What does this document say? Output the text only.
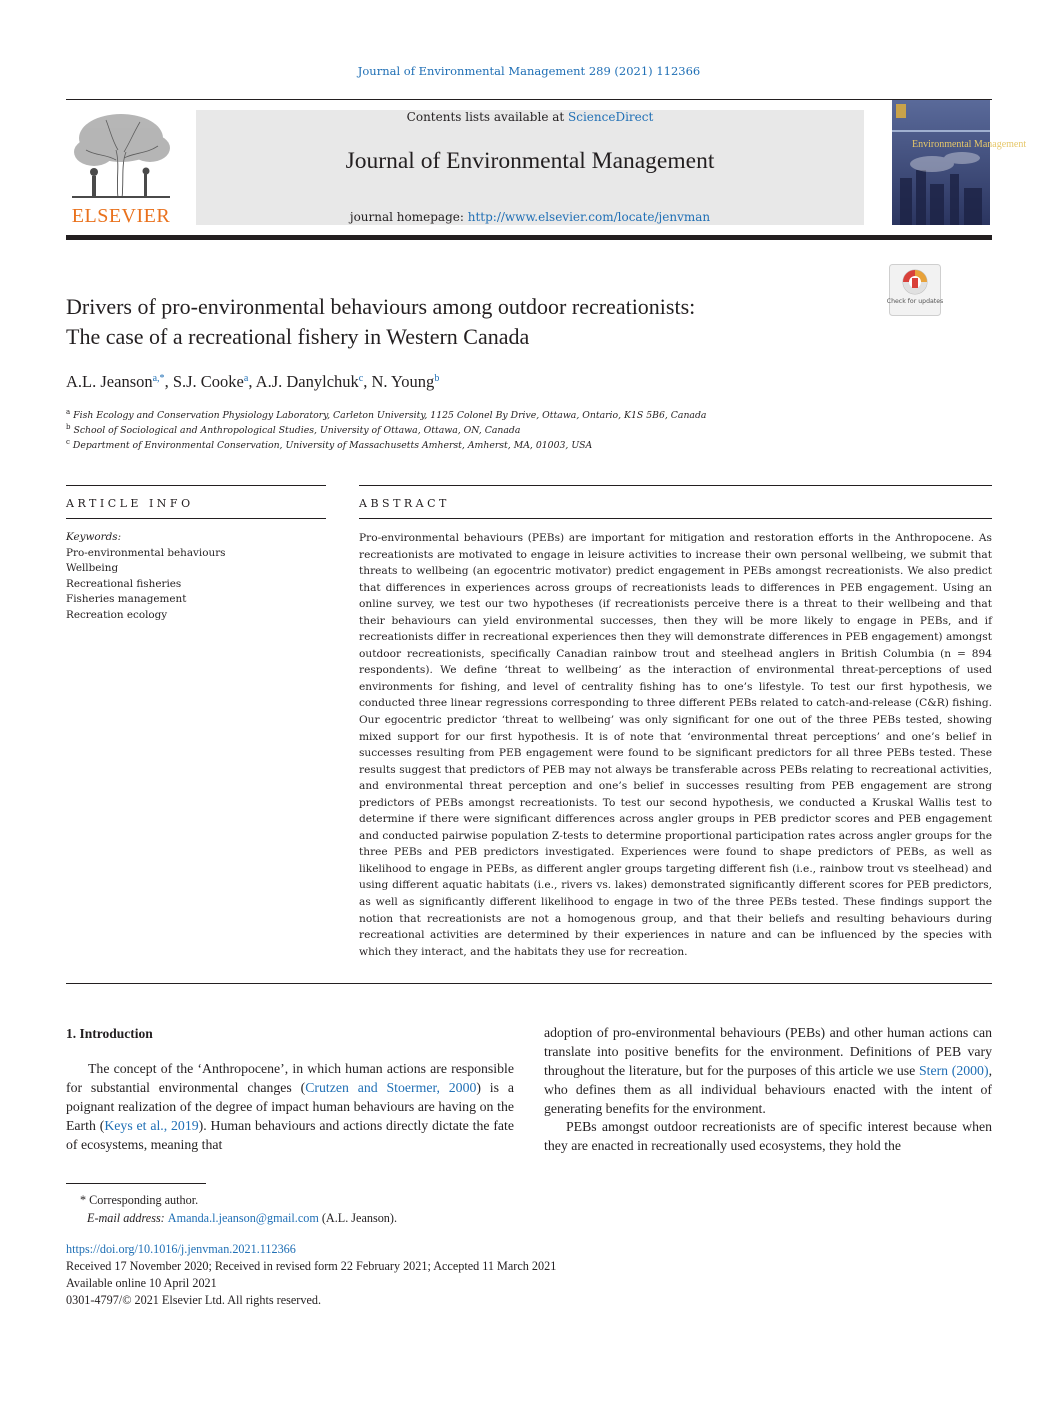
Journal of Environmental Management 289 (2021) 112366
ELSEVIER
Contents lists available at ScienceDirect
Journal of Environmental Management
journal homepage: http://www.elsevier.com/locate/jenvman
Environmental Management
Check for updates
Drivers of pro-environmental behaviours among outdoor recreationists:
The case of a recreational fishery in Western Canada
A.L. Jeanson$^{a,*}$, S.J. Cooke$^a$, A.J. Danylchuk$^c$, N. Young$^b$
$^a$ Fish Ecology and Conservation Physiology Laboratory, Carleton University, 1125 Colonel By Drive, Ottawa, Ontario, K1S 5B6, Canada
$^b$ School of Sociological and Anthropological Studies, University of Ottawa, Ottawa, ON, Canada
$^c$ Department of Environmental Conservation, University of Massachusetts Amherst, Amherst, MA, 01003, USA
ARTICLE INFO	ABSTRACT
Keywords:
Pro-environmental behaviours
Wellbeing
Recreational fisheries
Fisheries management
Recreation ecology
Pro-environmental behaviours (PEBs) are important for mitigation and restoration efforts in the Anthropocene. As recreationists are motivated to engage in leisure activities to increase their own personal wellbeing, we submit that threats to wellbeing (an egocentric motivator) predict engagement in PEBs amongst recreationists. We also predict that differences in experiences across groups of recreationists leads to differences in PEB engagement. Using an online survey, we test our two hypotheses (if recreationists perceive there is a threat to their wellbeing and that their behaviours can yield environmental successes, then they will be more likely to engage in PEBs, and if recreationists differ in recreational experiences then they will demonstrate differences in PEB engagement) amongst outdoor recreationists, specifically Canadian rainbow trout and steelhead anglers in British Columbia (n = 894 respondents). We define ‘threat to wellbeing’ as the interaction of environmental threat-perceptions of used environments for fishing, and level of centrality fishing has to one’s lifestyle. To test our first hypothesis, we conducted three linear regressions corresponding to three different PEBs related to catch-and-release (C&R) fishing. Our egocentric predictor ‘threat to wellbeing’ was only significant for one out of the three PEBs tested, showing mixed support for our first hypothesis. It is of note that ‘environmental threat perceptions’ and one’s belief in successes resulting from PEB engagement were found to be significant predictors for all three PEBs tested. These results suggest that predictors of PEB may not always be transferable across PEBs relating to recreational activities, and environmental threat perception and one’s belief in successes resulting from PEB engagement are strong predictors of PEBs amongst recreationists. To test our second hypothesis, we conducted a Kruskal Wallis test to determine if there were significant differences across angler groups in PEB predictor scores and PEB engagement and conducted pairwise population Z-tests to determine proportional participation rates across angler groups for the three PEBs and PEB predictors investigated. Experiences were found to shape predictors of PEBs, as well as likelihood to engage in PEBs, as different angler groups targeting different fish (i.e., rainbow trout vs steelhead) and using different aquatic habitats (i.e., rivers vs. lakes) demonstrated significantly different scores for PEB predictors, as well as significantly different likelihood to engage in two of the three PEBs tested. These findings support the notion that recreationists are not a homogenous group, and that their beliefs and resulting behaviours during recreational activities are determined by their experiences in nature and can be influenced by the species with which they interact, and the habitats they use for recreation.
1. Introduction
The concept of the ‘Anthropocene’, in which human actions are responsible for substantial environmental changes (Crutzen and Stoermer, 2000) is a poignant realization of the degree of impact human behaviours are having on the Earth (Keys et al., 2019). Human behaviours and actions directly dictate the fate of ecosystems, meaning that
adoption of pro-environmental behaviours (PEBs) and other human actions can translate into positive benefits for the environment. Definitions of PEB vary throughout the literature, but for the purposes of this article we use Stern (2000), who defines them as all individual behaviours enacted with the intent of generating benefits for the environment.
PEBs amongst outdoor recreationists are of specific interest because when they are enacted in recreationally used ecosystems, they hold the
* Corresponding author.
E-mail address: Amanda.l.jeanson@gmail.com (A.L. Jeanson).
https://doi.org/10.1016/j.jenvman.2021.112366
Received 17 November 2020; Received in revised form 22 February 2021; Accepted 11 March 2021
Available online 10 April 2021
0301-4797/© 2021 Elsevier Ltd. All rights reserved.
